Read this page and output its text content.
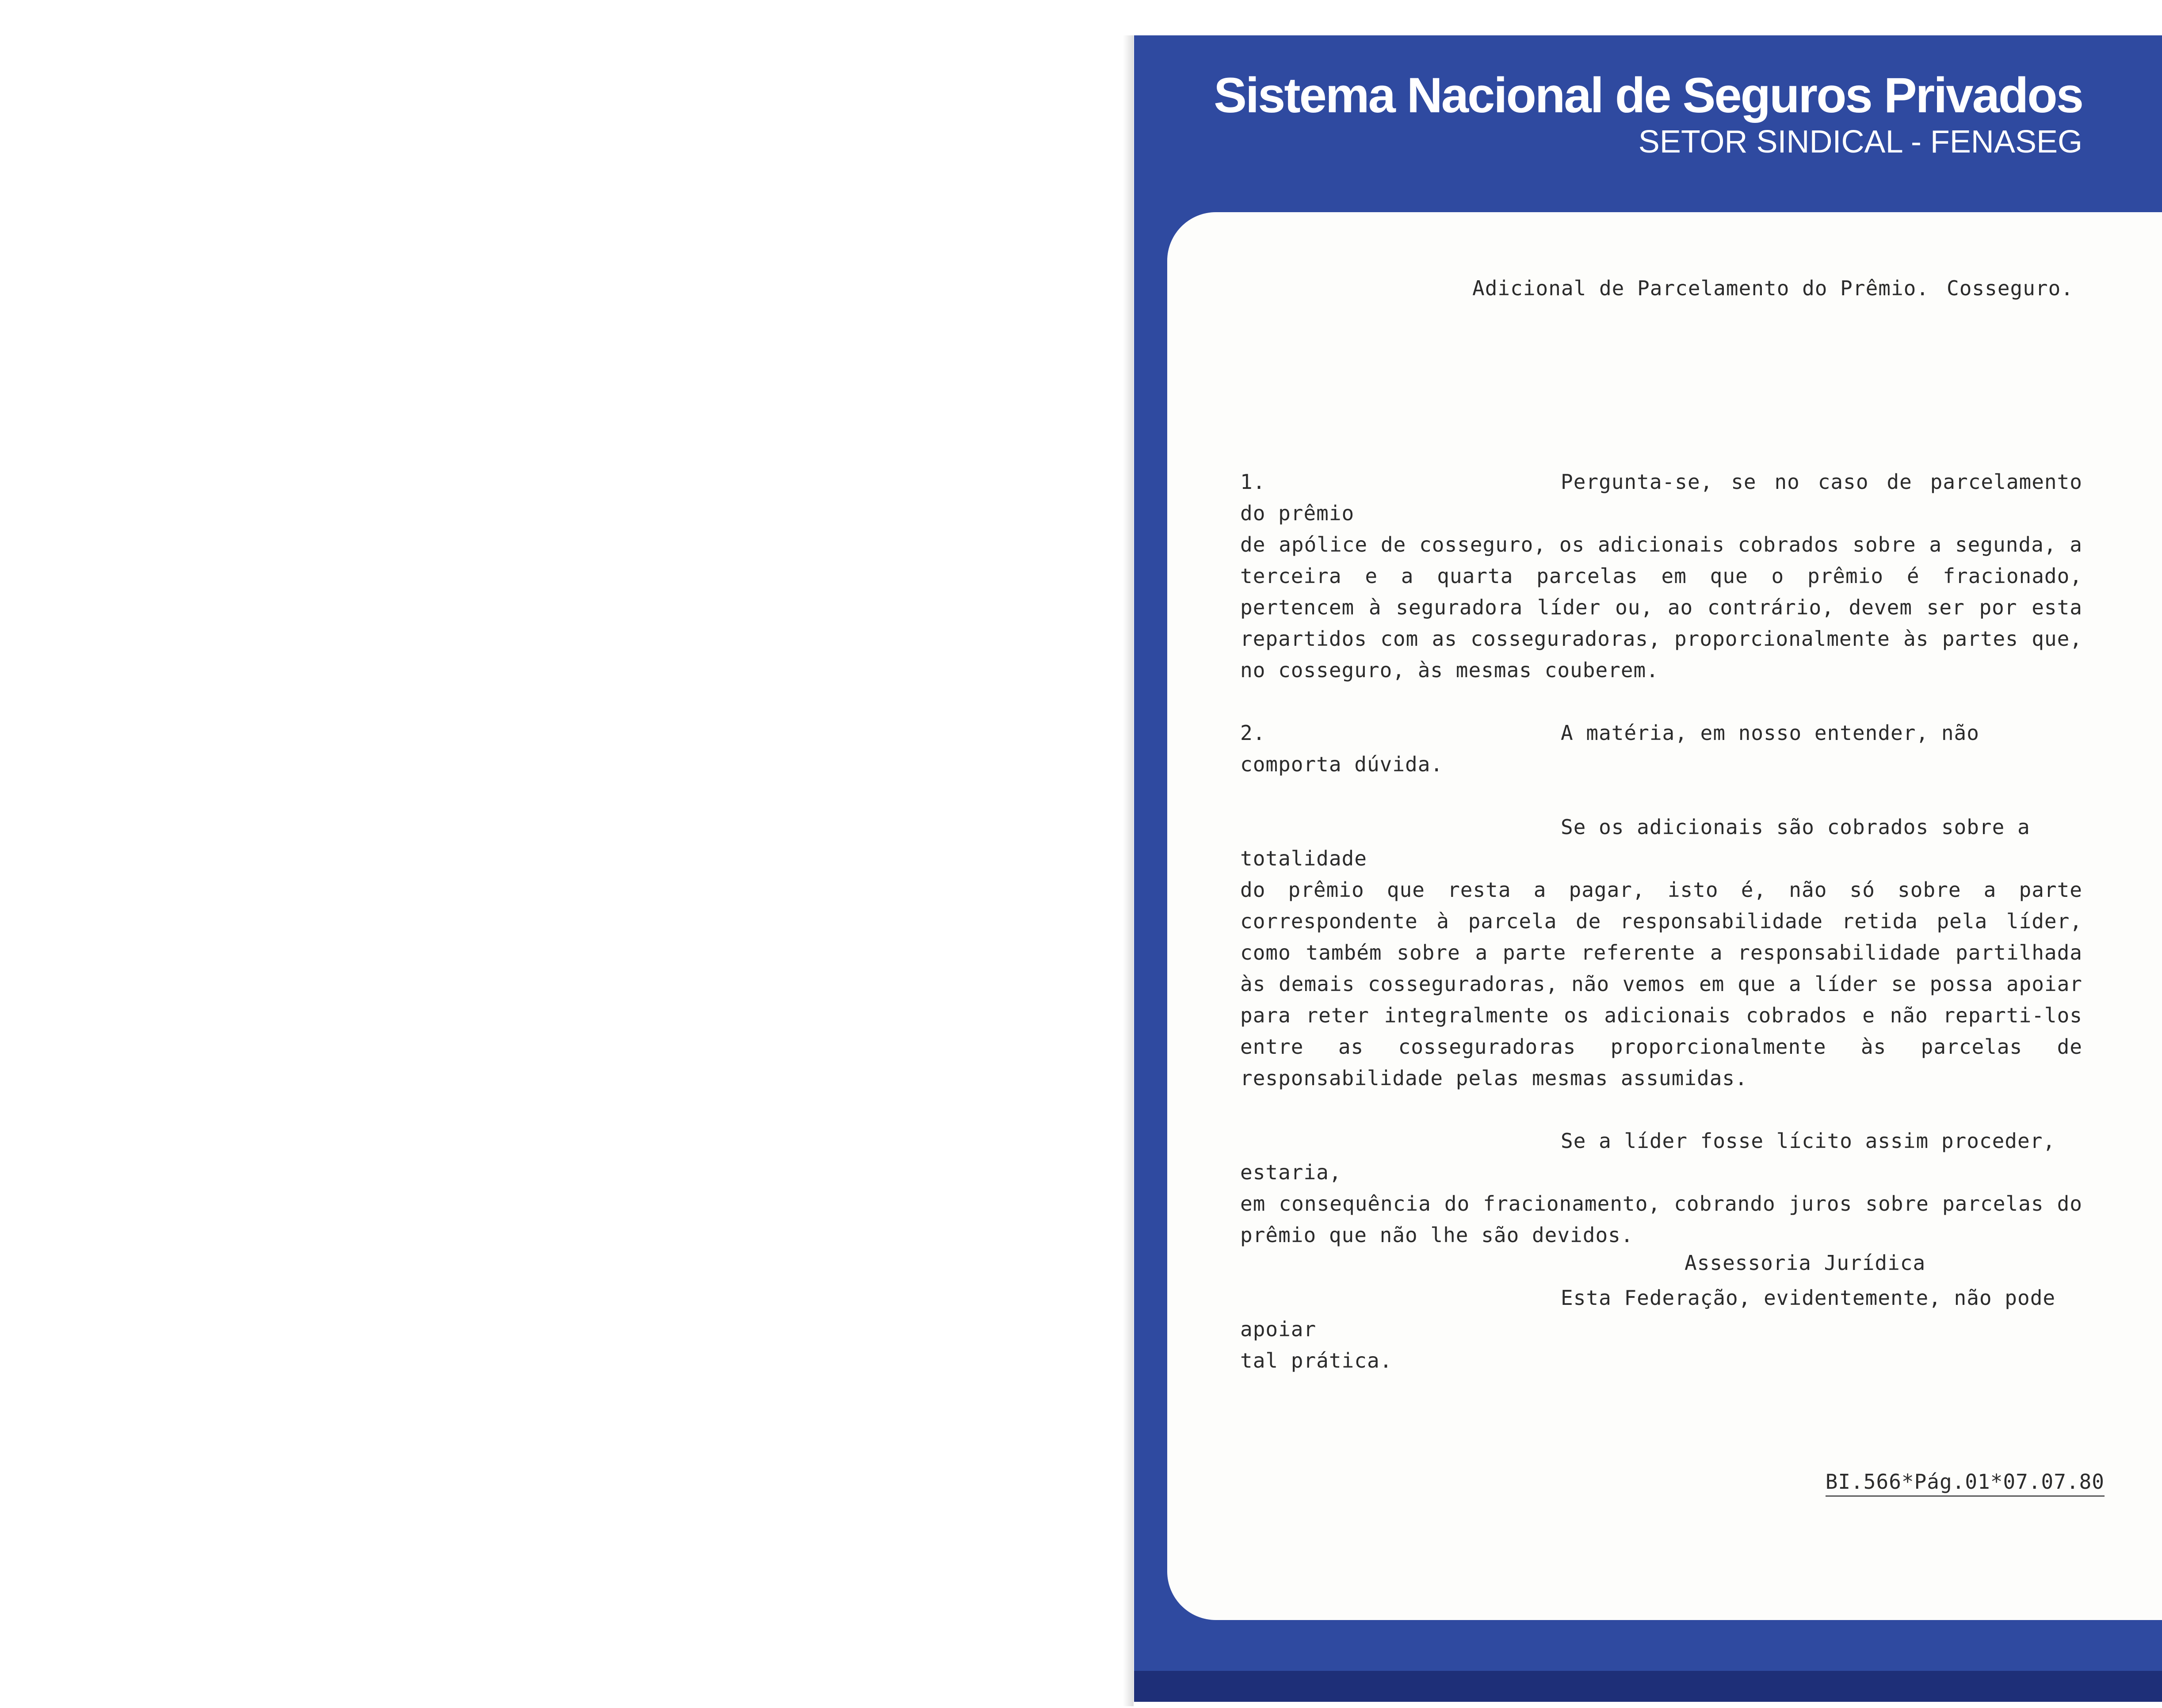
Sistema Nacional de Seguros Privados

SETOR SINDICAL - FENASEG

Adicional de Parcelamento do Prêmio. Cosseguro.

1.	Pergunta-se, se no caso de parcelamento do prêmio
de apólice de cosseguro, os adicionais cobrados sobre a segunda, a terceira e a quarta parcelas em que o prêmio é fracionado, pertencem à seguradora líder ou, ao contrário, devem ser por esta repartidos com as cosseguradoras, proporcionalmente às partes que, no cosseguro, às mesmas couberem.
2.	A matéria, em nosso entender, não comporta dúvida.
Se os adicionais são cobrados sobre a totalidade
do prêmio que resta a pagar, isto é, não só sobre a parte correspondente à parcela de responsabilidade retida pela líder, como também sobre a parte referente a responsabilidade partilhada às demais cosseguradoras, não vemos em que a líder se possa apoiar para reter integralmente os adicionais cobrados e não reparti-los entre as cosseguradoras proporcionalmente às parcelas de responsabilidade pelas mesmas assumidas.
Se a líder fosse lícito assim proceder, estaria,
em consequência do fracionamento, cobrando juros sobre parcelas do prêmio que não lhe são devidos.
Esta Federação, evidentemente, não pode apoiar
tal prática.

Assessoria Jurídica

BI.566*Pág.01*07.07.80
